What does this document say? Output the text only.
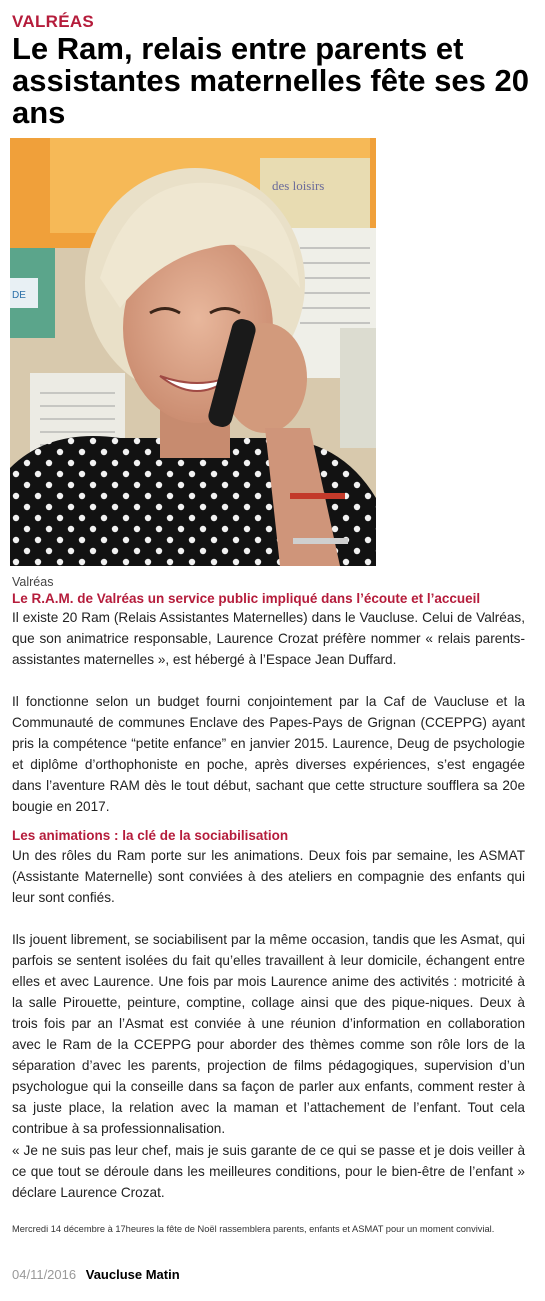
VALRÉAS
Le Ram, relais entre parents et assistantes maternelles fête ses 20 ans
des loisirs
DE
Valréas
Le R.A.M. de Valréas un service public impliqué dans l’écoute et l’accueil

Il existe 20 Ram (Relais Assistantes Maternelles) dans le Vaucluse. Celui de Valréas, que son animatrice responsable, Laurence Crozat préfère nommer « relais parents-assistantes maternelles », est hébergé à l’Espace Jean Duffard.

Il fonctionne selon un budget fourni conjointement par la Caf de Vaucluse et la Communauté de communes Enclave des Papes-Pays de Grignan (CCEPPG) ayant pris la compétence “petite enfance” en janvier 2015. Laurence, Deug de psychologie et diplôme d’orthophoniste en poche, après diverses expériences, s’est engagée dans l’aventure RAM dès le tout début, sachant que cette structure soufflera sa 20e bougie en 2017.

Les animations : la clé de la sociabilisation

Un des rôles du Ram porte sur les animations. Deux fois par semaine, les ASMAT (Assistante Maternelle) sont conviées à des ateliers en compagnie des enfants qui leur sont confiés.

Ils jouent librement, se sociabilisent par la même occasion, tandis que les Asmat, qui parfois se sentent isolées du fait qu’elles travaillent à leur domicile, échangent entre elles et avec Laurence. Une fois par mois Laurence anime des activités : motricité à la salle Pirouette, peinture, comptine, collage ainsi que des pique-niques. Deux à trois fois par an l’Asmat est conviée à une réunion d’information en collaboration avec le Ram de la CCEPPG pour aborder des thèmes comme son rôle lors de la séparation d’avec les parents, projection de films pédagogiques, supervision d’un psychologue qui la conseille dans sa façon de parler aux enfants, comment rester à sa juste place, la relation avec la maman et l’attachement de l’enfant. Tout cela contribue à sa professionnalisation.

« Je ne suis pas leur chef, mais je suis garante de ce qui se passe et je dois veiller à ce que tout se déroule dans les meilleures conditions, pour le bien-être de l’enfant » déclare Laurence Crozat.

Mercredi 14 décembre à 17heures la fête de Noël rassemblera parents, enfants et ASMAT pour un moment convivial.

04/11/2016 Vaucluse Matin
